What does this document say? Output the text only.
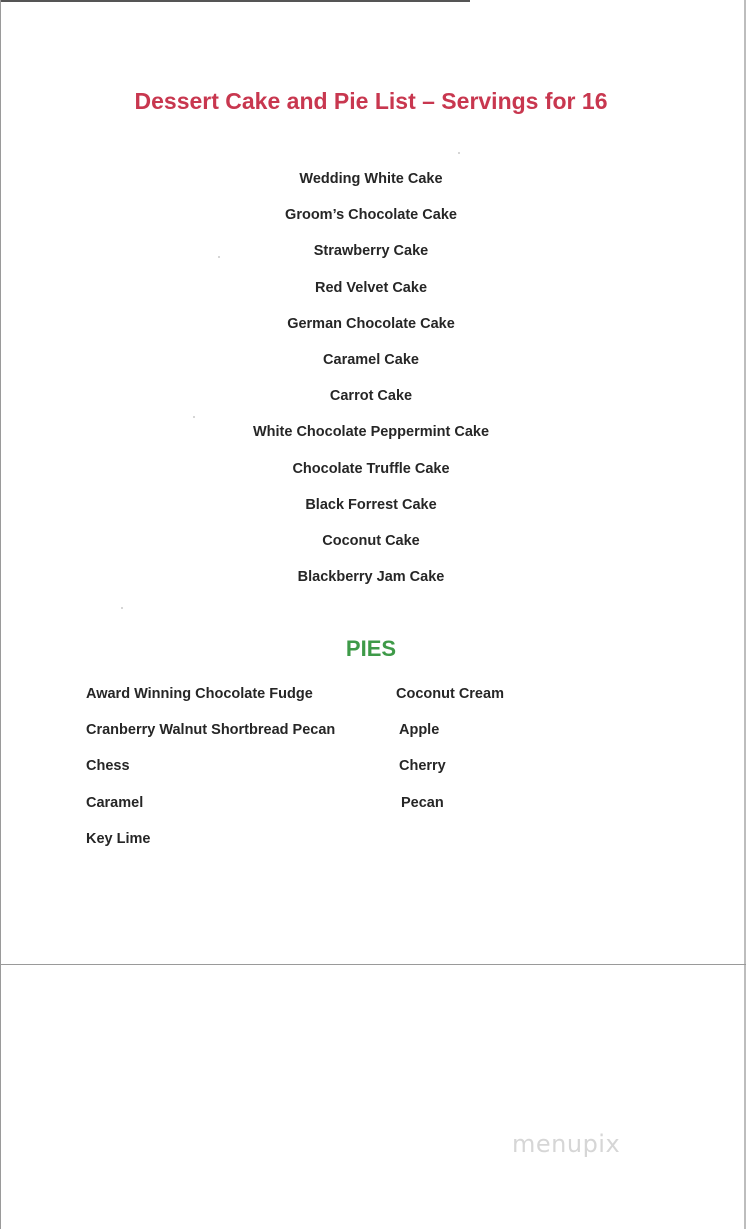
Dessert Cake and Pie List – Servings for 16
Wedding White Cake
Groom’s Chocolate Cake
Strawberry Cake
Red Velvet Cake
German Chocolate Cake
Caramel Cake
Carrot Cake
White Chocolate Peppermint Cake
Chocolate Truffle Cake
Black Forrest Cake
Coconut Cake
Blackberry Jam Cake
PIES
Award Winning Chocolate Fudge
Cranberry Walnut Shortbread Pecan
Chess
Caramel
Key Lime
Coconut Cream
Apple
Cherry
Pecan
menupix
